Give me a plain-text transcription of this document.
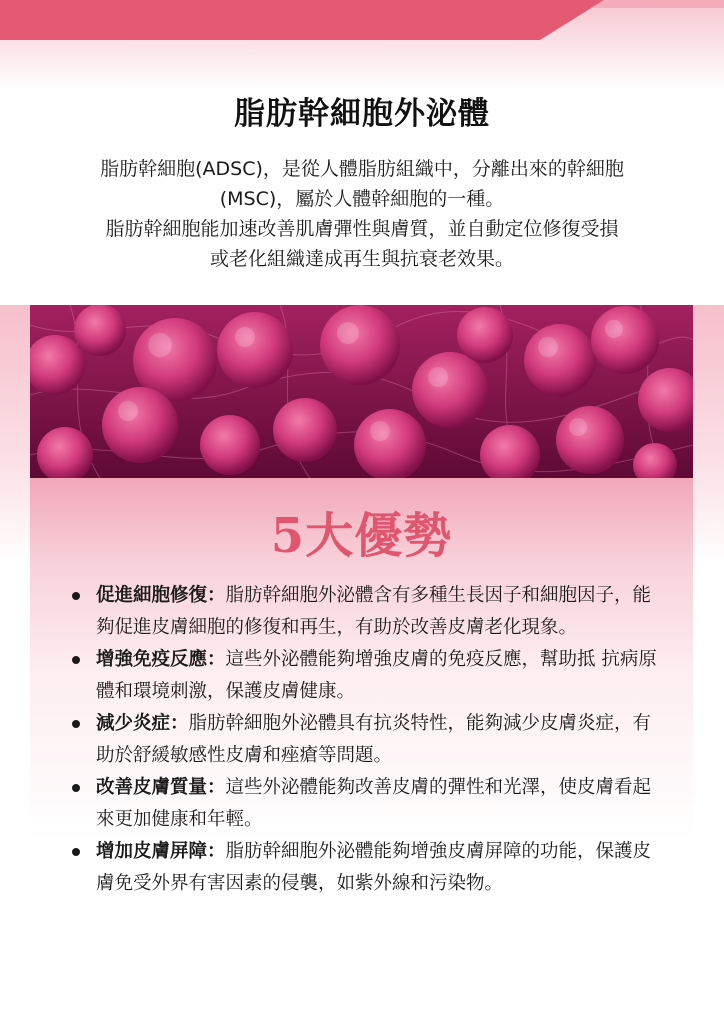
脂肪幹細胞外泌體

脂肪幹細胞(ADSC)，是從人體脂肪組織中，分離出來的幹細胞

(MSC)，屬於人體幹細胞的一種。

脂肪幹細胞能加速改善肌膚彈性與膚質，並自動定位修復受損

或老化組織達成再生與抗衰老效果。

5大優勢
促進細胞修復：脂肪幹細胞外泌體含有多種生長因子和細胞因子，能夠促進皮膚細胞的修復和再生，有助於改善皮膚老化現象。
增強免疫反應：這些外泌體能夠增強皮膚的免疫反應，幫助抵 抗病原體和環境刺激，保護皮膚健康。
減少炎症：脂肪幹細胞外泌體具有抗炎特性，能夠減少皮膚炎症，有助於舒緩敏感性皮膚和痤瘡等問題。
改善皮膚質量：這些外泌體能夠改善皮膚的彈性和光澤，使皮膚看起來更加健康和年輕。
增加皮膚屏障：脂肪幹細胞外泌體能夠增強皮膚屏障的功能，保護皮膚免受外界有害因素的侵襲，如紫外線和污染物。
